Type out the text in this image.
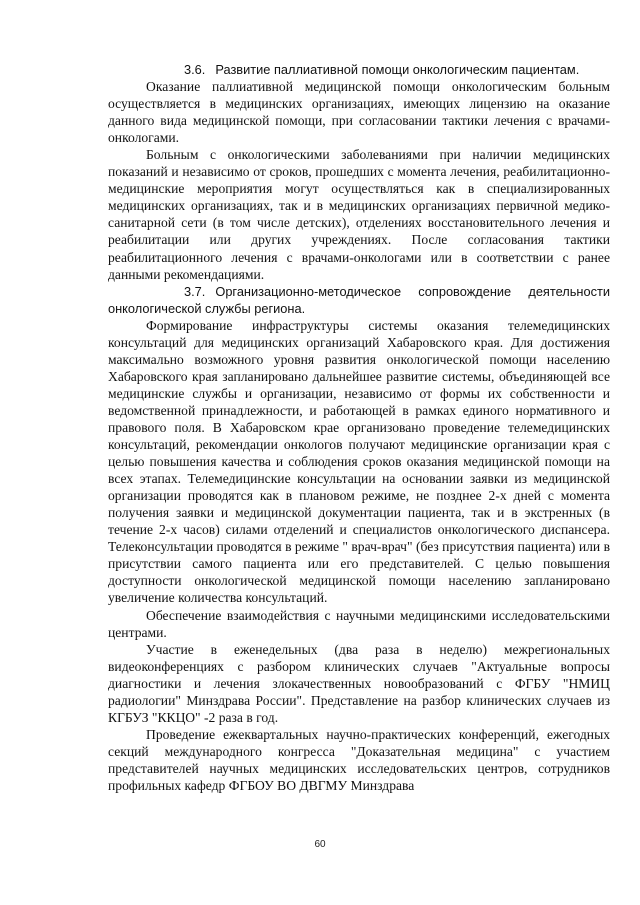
3.6. Развитие паллиативной помощи онкологическим пациентам.

Оказание паллиативной медицинской помощи онкологическим больным осуществляется в медицинских организациях, имеющих лицензию на оказание данного вида медицинской помощи, при согласовании тактики лечения с врачами- онкологами.

Больным с онкологическими заболеваниями при наличии медицинских показаний и независимо от сроков, прошедших с момента лечения, реабилитационно-медицинские мероприятия могут осуществляться как в специализированных медицинских организациях, так и в медицинских организациях первичной медико-санитарной сети (в том числе детских), отделениях восстановительного лечения и реабилитации или других учреждениях. После согласования тактики реабилитационного лечения с врачами-онкологами или в соответствии с ранее данными рекомендациями.

3.7. Организационно-методическое сопровождение деятельности онкологической службы региона.

Формирование инфраструктуры системы оказания телемедицинских консультаций для медицинских организаций Хабаровского края. Для достижения максимально возможного уровня развития онкологической помощи населению Хабаровского края запланировано дальнейшее развитие системы, объединяющей все медицинские службы и организации, независимо от формы их собственности и ведомственной принадлежности, и работающей в рамках единого нормативного и правового поля. В Хабаровском крае организовано проведение телемедицинских консультаций, рекомендации онкологов получают медицинские организации края с целью повышения качества и соблюдения сроков оказания медицинской помощи на всех этапах. Телемедицинские консультации на основании заявки из медицинской организации проводятся как в плановом режиме, не позднее 2-х дней с момента получения заявки и медицинской документации пациента, так и в экстренных (в течение 2-х часов) силами отделений и специалистов онкологического диспансера. Телеконсультации проводятся в режиме " врач-врач" (без присутствия пациента) или в присутствии самого пациента или его представителей. С целью повышения доступности онкологической медицинской помощи населению запланировано увеличение количества консультаций.

Обеспечение взаимодействия с научными медицинскими исследовательскими центрами.

Участие в еженедельных (два раза в неделю) межрегиональных видеоконференциях с разбором клинических случаев "Актуальные вопросы диагностики и лечения злокачественных новообразований с ФГБУ "НМИЦ радиологии" Минздрава России". Представление на разбор клинических случаев из КГБУЗ "ККЦО" -2 раза в год.

Проведение ежеквартальных научно-практических конференций, ежегодных секций международного конгресса "Доказательная медицина" с участием представителей научных медицинских исследовательских центров, сотрудников профильных кафедр ФГБОУ ВО ДВГМУ Минздрава

60
